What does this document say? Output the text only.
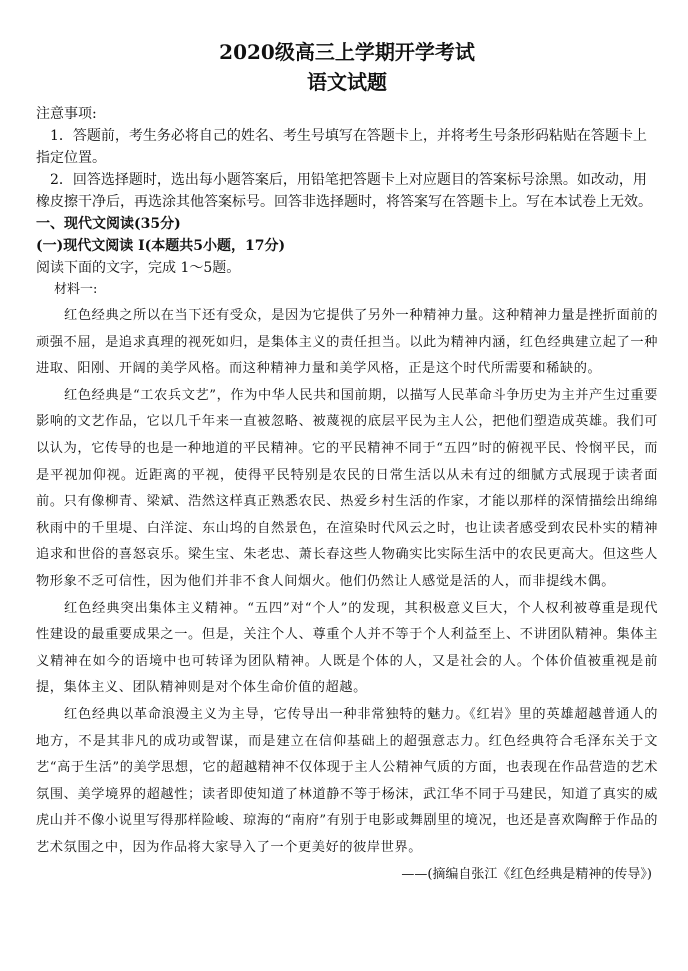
2020级高三上学期开学考试
语文试题
注意事项:
1．答题前，考生务必将自己的姓名、考生号填写在答题卡上，并将考生号条形码粘贴在答题卡上指定位置。
2．回答选择题时，选出每小题答案后，用铅笔把答题卡上对应题目的答案标号涂黑。如改动，用橡皮擦干净后，再选涂其他答案标号。回答非选择题时，将答案写在答题卡上。写在本试卷上无效。
一、现代文阅读(35分)
(一)现代文阅读 I(本题共5小题，17分)
阅读下面的文字，完成 1～5题。
材料一:

红色经典之所以在当下还有受众，是因为它提供了另外一种精神力量。这种精神力量是挫折面前的顽强不屈，是追求真理的视死如归，是集体主义的责任担当。以此为精神内涵，红色经典建立起了一种进取、阳刚、开阔的美学风格。而这种精神力量和美学风格，正是这个时代所需要和稀缺的。

红色经典是“工农兵文艺”，作为中华人民共和国前期，以描写人民革命斗争历史为主并产生过重要影响的文艺作品，它以几千年来一直被忽略、被蔑视的底层平民为主人公，把他们塑造成英雄。我们可以认为，它传导的也是一种地道的平民精神。它的平民精神不同于“五四”时的俯视平民、怜悯平民，而是平视加仰视。近距离的平视，使得平民特别是农民的日常生活以从未有过的细腻方式展现于读者面前。只有像柳青、梁斌、浩然这样真正熟悉农民、热爱乡村生活的作家，才能以那样的深情描绘出绵绵秋雨中的千里堤、白洋淀、东山坞的自然景色，在渲染时代风云之时，也让读者感受到农民朴实的精神追求和世俗的喜怒哀乐。梁生宝、朱老忠、萧长春这些人物确实比实际生活中的农民更高大。但这些人物形象不乏可信性，因为他们并非不食人间烟火。他们仍然让人感觉是活的人，而非提线木偶。

红色经典突出集体主义精神。“五四”对“个人”的发现，其积极意义巨大，个人权利被尊重是现代性建设的最重要成果之一。但是，关注个人、尊重个人并不等于个人利益至上、不讲团队精神。集体主义精神在如今的语境中也可转译为团队精神。人既是个体的人，又是社会的人。个体价值被重视是前提，集体主义、团队精神则是对个体生命价值的超越。

红色经典以革命浪漫主义为主导，它传导出一种非常独特的魅力。《红岩》里的英雄超越普通人的地方，不是其非凡的成功或智谋，而是建立在信仰基础上的超强意志力。红色经典符合毛泽东关于文艺“高于生活”的美学思想，它的超越精神不仅体现于主人公精神气质的方面，也表现在作品营造的艺术氛围、美学境界的超越性；读者即使知道了林道静不等于杨沫，武江华不同于马建民，知道了真实的威虎山并不像小说里写得那样险峻、琼海的“南府”有别于电影或舞剧里的境况，也还是喜欢陶醉于作品的艺术氛围之中，因为作品将大家导入了一个更美好的彼岸世界。

——(摘编自张江《红色经典是精神的传导》)
